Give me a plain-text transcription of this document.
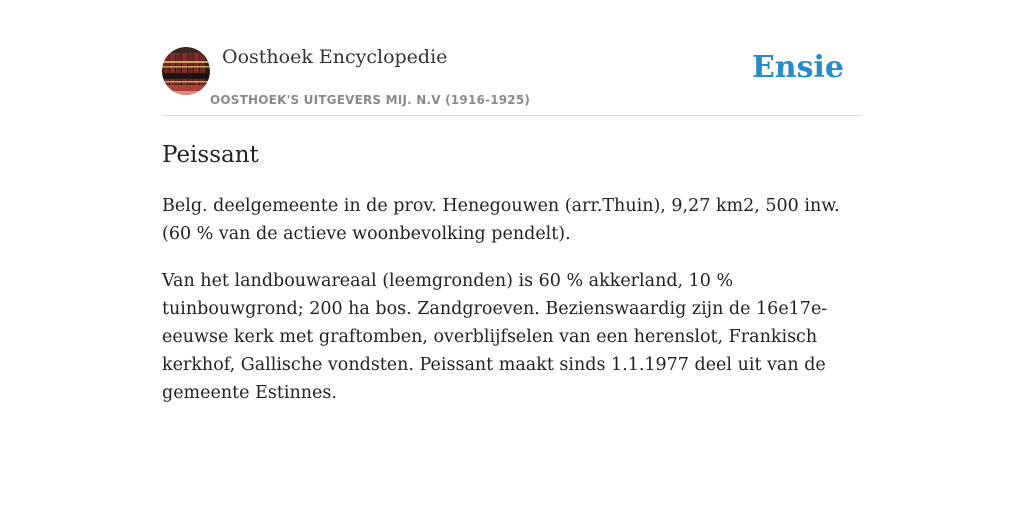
Oosthoek Encyclopedie
OOSTHOEK'S UITGEVERS MIJ. N.V (1916-1925)
Ensie
Peissant

Belg. deelgemeente in de prov. Henegouwen (arr.Thuin), 9,27 km2, 500 inw. (60 % van de actieve woonbevolking pendelt).

Van het landbouwareaal (leemgronden) is 60 % akkerland, 10 % tuinbouwgrond; 200 ha bos. Zandgroeven. Bezienswaardig zijn de 16e17e-eeuwse kerk met graftomben, overblijfselen van een herenslot, Frankisch kerkhof, Gallische vondsten. Peissant maakt sinds 1.1.1977 deel uit van de gemeente Estinnes.
